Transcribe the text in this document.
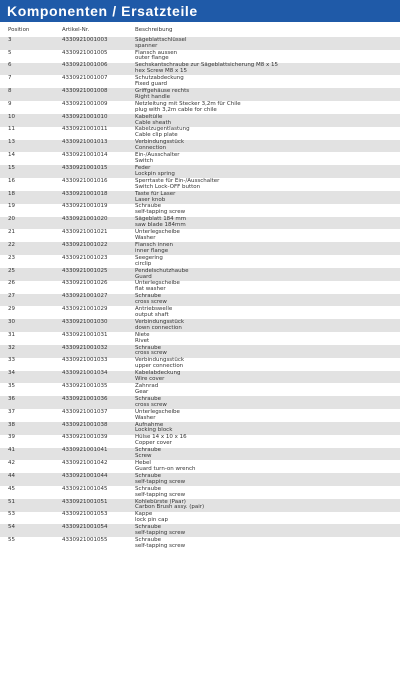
Komponenten / Ersatzteile
Position	Artikel-Nr.	Beschreibung
3	4330921001003	Sägeblattschlüssel
spanner
5	4330921001005	Flansch aussen
outer flange
6	4330921001006	Sechskantschraube zur Sägeblattsicherung M8 x 15
hex Screw M8 x 15
7	4330921001007	Schutzabdeckung
Fixed guard
8	4330921001008	Griffgehäuse rechts
Right handle
9	4330921001009	Netzleitung mit Stecker 3,2m für Chile
plug with 3,2m cable for chile
10	4330921001010	Kabeltülle
Cable sheath
11	4330921001011	Kabelzugentlastung
Cable clip plate
13	4330921001013	Verbindungsstück
Connection
14	4330921001014	Ein-/Ausschalter
Switch
15	4330921001015	Feder
Lockpin spring
16	4330921001016	Sperrtaste für Ein-/Ausschalter
Switch Lock-OFF button
18	4330921001018	Taste für Laser
Laser knob
19	4330921001019	Schraube
self-tapping screw
20	4330921001020	Sägeblatt 184 mm
saw blade 184mm
21	4330921001021	Unterlegscheibe
Washer
22	4330921001022	Flansch innen
inner flange
23	4330921001023	Seegering
circlip
25	4330921001025	Pendelschutzhaube
Guard
26	4330921001026	Unterlegscheibe
flat washer
27	4330921001027	Schraube
cross screw
29	4330921001029	Antriebswelle
output shaft
30	4330921001030	Verbindungsstück
down connection
31	4330921001031	Niete
Rivet
32	4330921001032	Schraube
cross screw
33	4330921001033	Verbindungsstück
upper connection
34	4330921001034	Kabelabdeckung
Wire cover
35	4330921001035	Zahnrad
Gear
36	4330921001036	Schraube
cross screw
37	4330921001037	Unterlegscheibe
Washer
38	4330921001038	Aufnahme
Locking block
39	4330921001039	Hülse 14 x 10 x 16
Copper cover
41	4330921001041	Schraube
Screw
42	4330921001042	Hebel
Guard turn-on wrench
44	4330921001044	Schraube
self-tapping screw
45	4330921001045	Schraube
self-tapping screw
51	4330921001051	Kohlebürste (Paar)
Carbon Brush assy. (pair)
53	4330921001053	Kappe
lock pin cap
54	4330921001054	Schraube
self-tapping screw
55	4330921001055	Schraube
self-tapping screw
